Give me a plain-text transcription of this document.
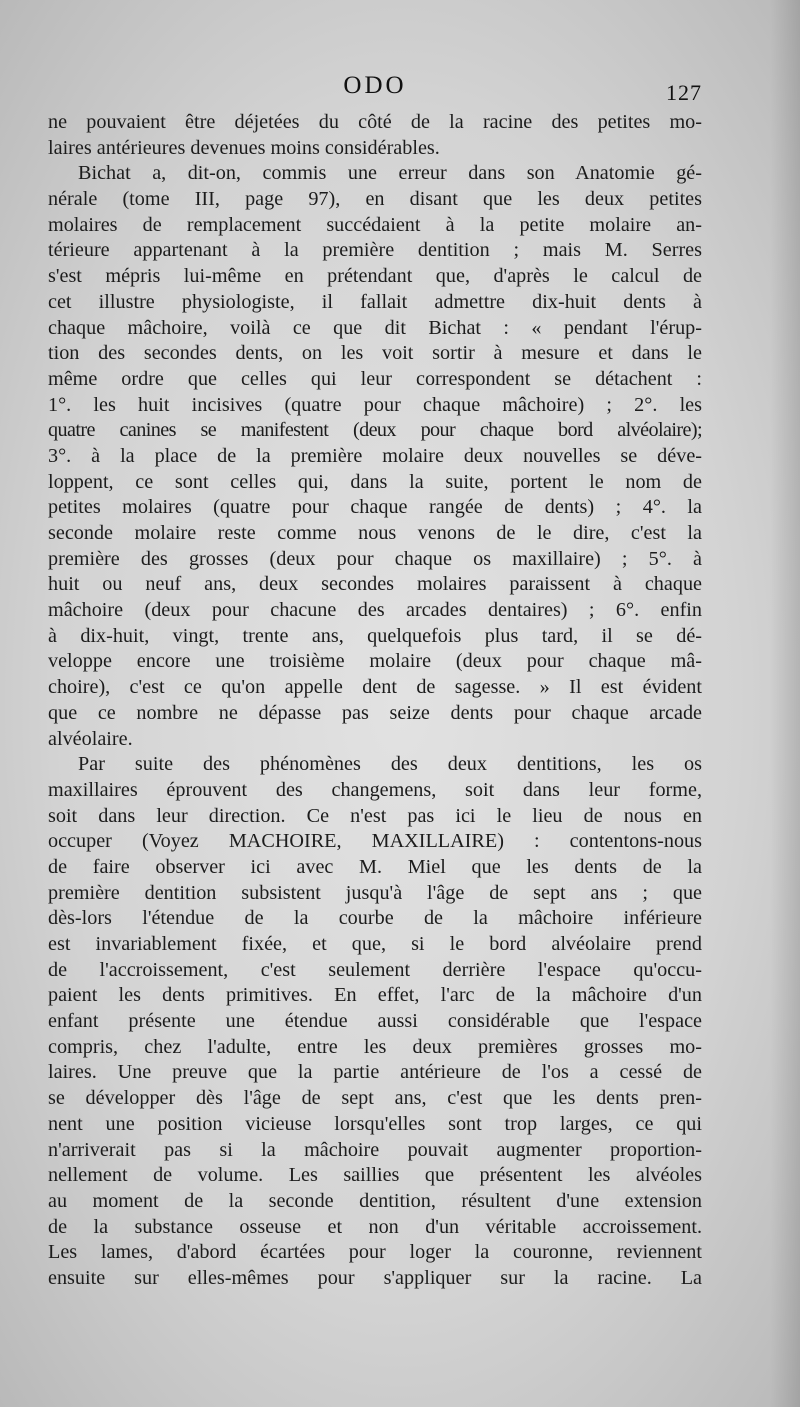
ODO	127

ne pouvaient être déjetées du côté de la racine des petites mo-

laires antérieures devenues moins considérables.

Bichat a, dit-on, commis une erreur dans son Anatomie gé-

nérale (tome III, page 97), en disant que les deux petites

molaires de remplacement succédaient à la petite molaire an-

térieure appartenant à la première dentition ; mais M. Serres

s'est mépris lui-même en prétendant que, d'après le calcul de

cet illustre physiologiste, il fallait admettre dix-huit dents à

chaque mâchoire, voilà ce que dit Bichat : « pendant l'érup-

tion des secondes dents, on les voit sortir à mesure et dans le

même ordre que celles qui leur correspondent se détachent :

1°. les huit incisives (quatre pour chaque mâchoire) ; 2°. les

quatre canines se manifestent (deux pour chaque bord alvéolaire);

3°. à la place de la première molaire deux nouvelles se déve-

loppent, ce sont celles qui, dans la suite, portent le nom de

petites molaires (quatre pour chaque rangée de dents) ; 4°. la

seconde molaire reste comme nous venons de le dire, c'est la

première des grosses (deux pour chaque os maxillaire) ; 5°. à

huit ou neuf ans, deux secondes molaires paraissent à chaque

mâchoire (deux pour chacune des arcades dentaires) ; 6°. enfin

à dix-huit, vingt, trente ans, quelquefois plus tard, il se dé-

veloppe encore une troisième molaire (deux pour chaque mâ-

choire), c'est ce qu'on appelle dent de sagesse. » Il est évident

que ce nombre ne dépasse pas seize dents pour chaque arcade

alvéolaire.

Par suite des phénomènes des deux dentitions, les os

maxillaires éprouvent des changemens, soit dans leur forme,

soit dans leur direction. Ce n'est pas ici le lieu de nous en

occuper (Voyez MACHOIRE, MAXILLAIRE) : contentons-nous

de faire observer ici avec M. Miel que les dents de la

première dentition subsistent jusqu'à l'âge de sept ans ; que

dès-lors l'étendue de la courbe de la mâchoire inférieure

est invariablement fixée, et que, si le bord alvéolaire prend

de l'accroissement, c'est seulement derrière l'espace qu'occu-

paient les dents primitives. En effet, l'arc de la mâchoire d'un

enfant présente une étendue aussi considérable que l'espace

compris, chez l'adulte, entre les deux premières grosses mo-

laires. Une preuve que la partie antérieure de l'os a cessé de

se développer dès l'âge de sept ans, c'est que les dents pren-

nent une position vicieuse lorsqu'elles sont trop larges, ce qui

n'arriverait pas si la mâchoire pouvait augmenter proportion-

nellement de volume. Les saillies que présentent les alvéoles

au moment de la seconde dentition, résultent d'une extension

de la substance osseuse et non d'un véritable accroissement.

Les lames, d'abord écartées pour loger la couronne, reviennent

ensuite sur elles-mêmes pour s'appliquer sur la racine. La
